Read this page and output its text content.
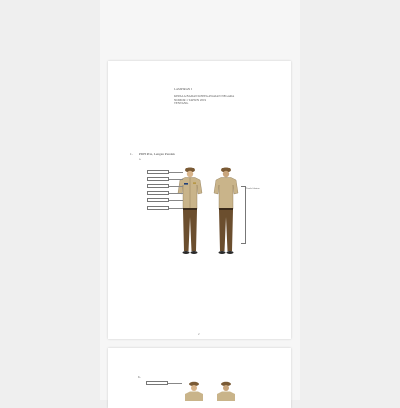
LAMPIRAN I
KEPALA BADAN KEPEGAWAIAN NEGARA
NOMOR 1 TAHUN 2019
TENTANG
1. PDH Pria, Lengan Pendek
a.
Tanda Jabatan
2
b.
